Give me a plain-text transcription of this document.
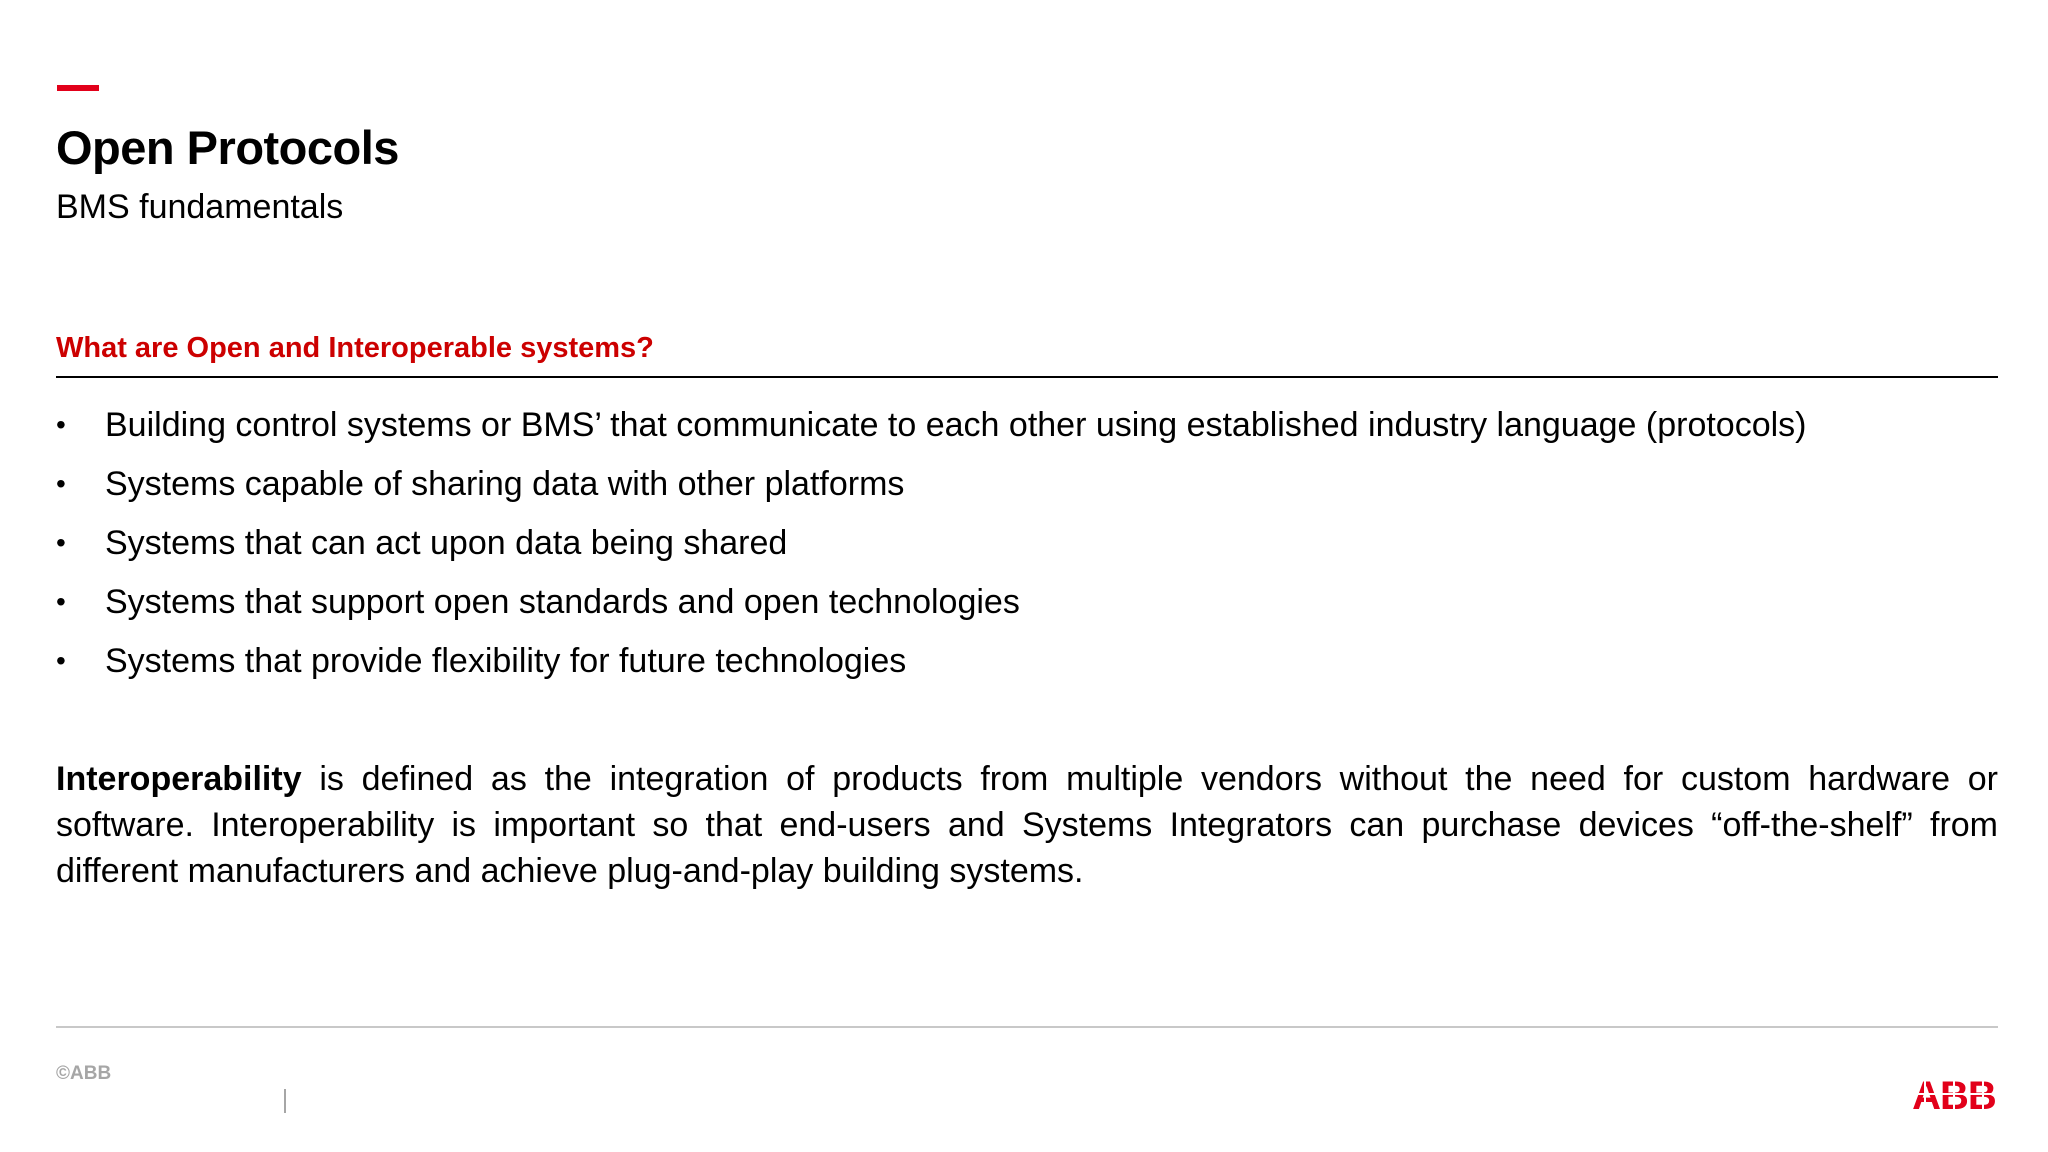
Open Protocols
BMS fundamentals
What are Open and Interoperable systems?
• Building control systems or BMS’ that communicate to each other using established industry language (protocols)
• Systems capable of sharing data with other platforms
• Systems that can act upon data being shared
• Systems that support open standards and open technologies
• Systems that provide flexibility for future technologies

Interoperability is defined as the integration of products from multiple vendors without the need for custom hardware or software. Interoperability is important so that end-users and Systems Integrators can purchase devices “off-the-shelf” from different manufacturers and achieve plug-and-play building systems.

©ABB
